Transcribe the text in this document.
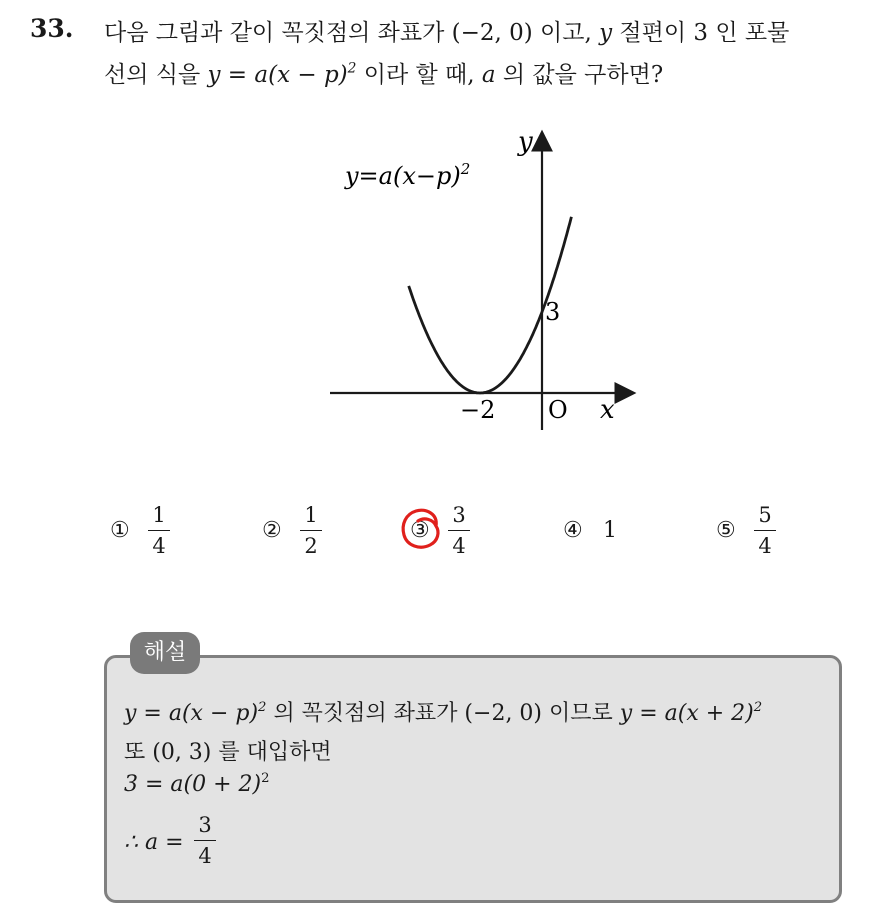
33. 다음 그림과 같이 꼭짓점의 좌표가 (−2, 0) 이고, y 절편이 3 인 포물
선의 식을 $y = a(x - p)^2$ 이라 할 때, a 의 값을 구하면?
$y=a(x-p)^2$
y
x
O
−2
3
①
1
4
②
1
2
③
3
4
④ 1	⑤
5
4
해설
$y = a(x - p)^2$ 의 꼭짓점의 좌표가 (−2, 0) 이므로 $y = a(x + 2)^2$
또 (0, 3) 를 대입하면
$3 = a(0 + 2)^2$
∴ a =
3
4
